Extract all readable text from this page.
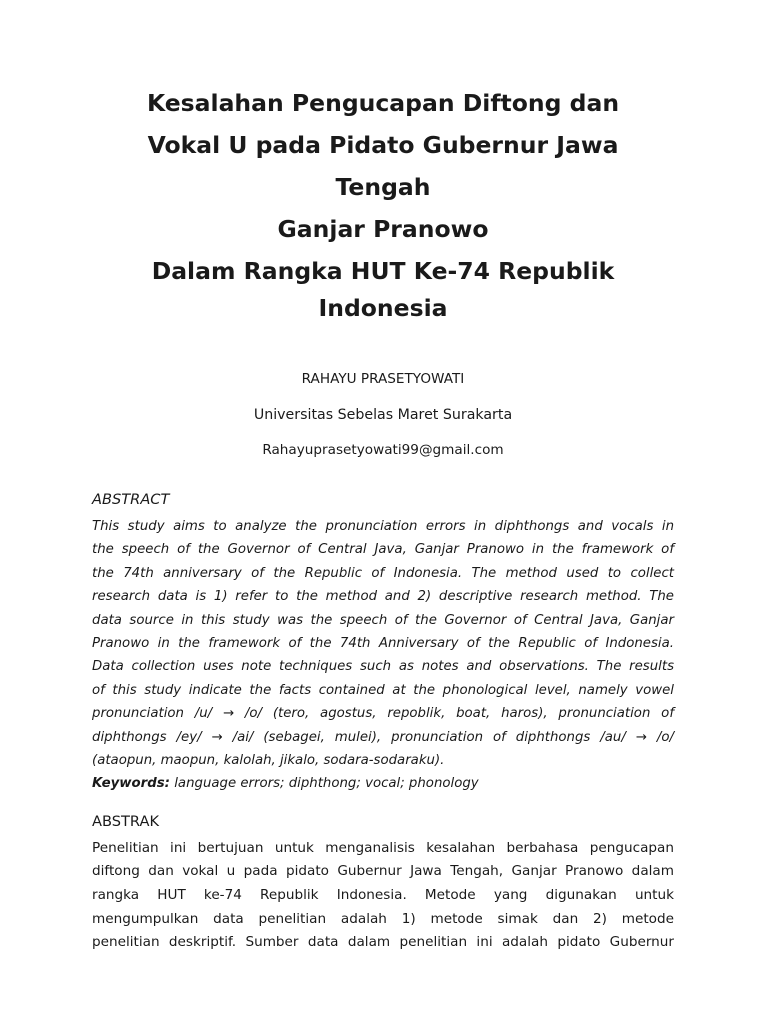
Kesalahan Pengucapan Diftong dan
Vokal U pada Pidato Gubernur Jawa
Tengah
Ganjar Pranowo
Dalam Rangka HUT Ke-74 Republik
Indonesia
RAHAYU PRASETYOWATI
Universitas Sebelas Maret Surakarta
Rahayuprasetyowati99@gmail.com
ABSTRACT
This study aims to analyze the pronunciation errors in diphthongs and vocals in
the speech of the Governor of Central Java, Ganjar Pranowo in the framework of
the 74th anniversary of the Republic of Indonesia. The method used to collect
research data is 1) refer to the method and 2) descriptive research method. The
data source in this study was the speech of the Governor of Central Java, Ganjar
Pranowo in the framework of the 74th Anniversary of the Republic of Indonesia.
Data collection uses note techniques such as notes and observations. The results
of this study indicate the facts contained at the phonological level, namely vowel
pronunciation /u/ → /o/ (tero, agostus, repoblik, boat, haros), pronunciation of
diphthongs /ey/ → /ai/ (sebagei, mulei), pronunciation of diphthongs /au/ → /o/
(ataopun, maopun, kalolah, jikalo, sodara-sodaraku).
Keywords: language errors; diphthong; vocal; phonology
ABSTRAK
Penelitian ini bertujuan untuk menganalisis kesalahan berbahasa pengucapan
diftong dan vokal u pada pidato Gubernur Jawa Tengah, Ganjar Pranowo dalam
rangka HUT ke-74 Republik Indonesia. Metode yang digunakan untuk
mengumpulkan data penelitian adalah 1) metode simak dan 2) metode
penelitian deskriptif. Sumber data dalam penelitian ini adalah pidato Gubernur
